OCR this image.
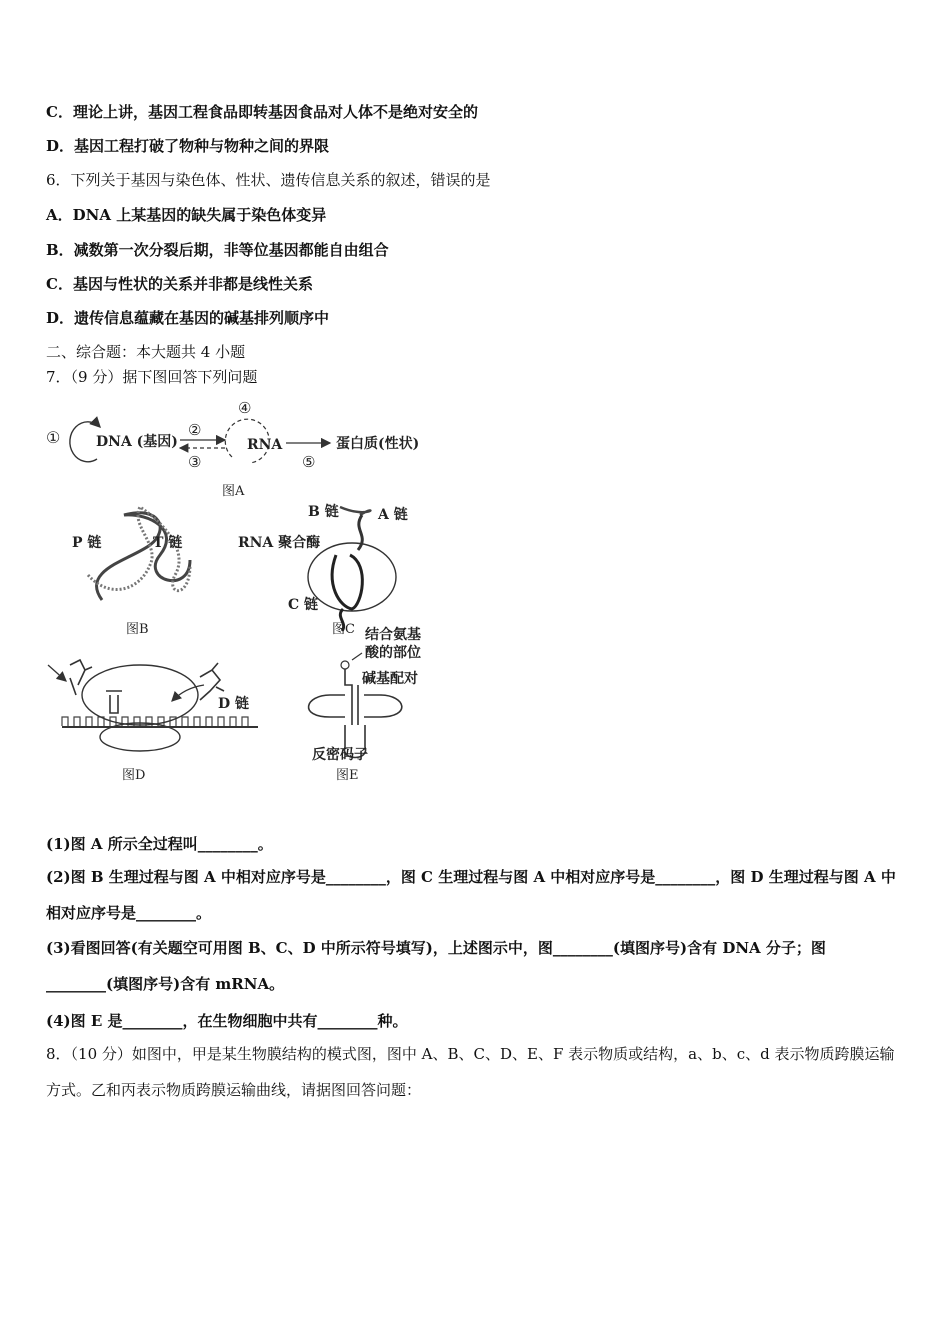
C．理论上讲，基因工程食品即转基因食品对人体不是绝对安全的
D．基因工程打破了物种与物种之间的界限
6．下列关于基因与染色体、性状、遗传信息关系的叙述，错误的是
A．DNA 上某基因的缺失属于染色体变异
B．减数第一次分裂后期，非等位基因都能自由组合
C．基因与性状的关系并非都是线性关系
D．遗传信息蕴藏在基因的碱基排列顺序中
二、综合题：本大题共 4 小题
7．（9 分）据下图回答下列问题
①	DNA (基因)
②
③
④
RNA
⑤
蛋白质(性状)
图A
P 链	T 链
图B
B 链	A 链
RNA 聚合酶
C 链
图C
D 链
图D
结合氨基
酸的部位
碱基配对
反密码子
图E
(1)图 A 所示全过程叫________。
(2)图 B 生理过程与图 A 中相对应序号是________，图 C 生理过程与图 A 中相对应序号是________，图 D 生理过程与图 A 中相对应序号是________。
(3)看图回答(有关题空可用图 B、C、D 中所示符号填写)，上述图示中，图________(填图序号)含有 DNA 分子；图________(填图序号)含有 mRNA。
(4)图 E 是________，在生物细胞中共有________种。
8．（10 分）如图中，甲是某生物膜结构的模式图，图中 A、B、C、D、E、F 表示物质或结构，a、b、c、d 表示物质跨膜运输方式。乙和丙表示物质跨膜运输曲线，请据图回答问题：
